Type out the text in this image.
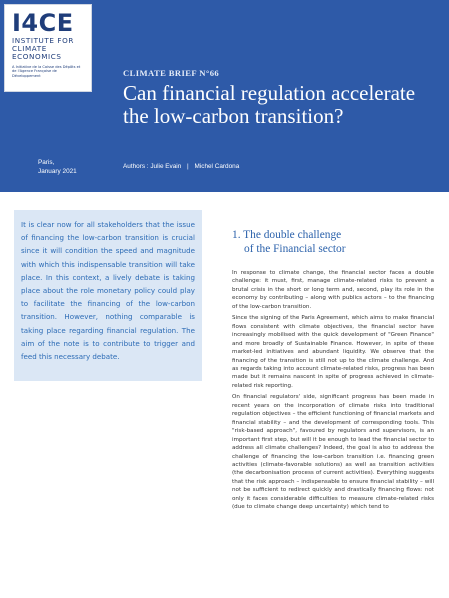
I4CE
INSTITUTE FOR
CLIMATE
ECONOMICS
A Initiative de la Caisse des Dépôts et de l'Agence Française de Développement	CLIMATE BRIEF N°66
Can financial regulation accelerate the low-carbon transition?
Paris,
January 2021
Authors : Julie Evain | Michel Cardona
It is clear now for all stakeholders that the issue of financing the low-carbon transition is crucial since it will condition the speed and magnitude with which this indispensable transition will take place. In this context, a lively debate is taking place about the role monetary policy could play to facilitate the financing of the low-carbon transition. However, nothing comparable is taking place regarding financial regulation. The aim of the note is to contribute to trigger and feed this necessary debate.
1. The double challenge
of the Financial sector

In response to climate change, the financial sector faces a double challenge: it must, first, manage climate-related risks to prevent a brutal crisis in the short or long term and, second, play its role in the economy by contributing – along with publics actors – to the financing of the low-carbon transition.

Since the signing of the Paris Agreement, which aims to make financial flows consistent with climate objectives, the financial sector have increasingly mobilised with the quick development of "Green Finance" and more broadly of Sustainable Finance. However, in spite of these market-led initiatives and abundant liquidity. We observe that the financing of the transition is still not up to the climate challenge. And as regards taking into account climate-related risks, progress has been made but it remains nascent in spite of progress achieved in climate-related risk reporting.

On financial regulators' side, significant progress has been made in recent years on the incorporation of climate risks into traditional regulation objectives – the efficient functioning of financial markets and financial stability – and the development of corresponding tools. This "risk-based approach", favoured by regulators and supervisors, is an important first step, but will it be enough to lead the financial sector to address all climate challenges? Indeed, the goal is also to address the challenge of financing the low-carbon transition i.e. financing green activities (climate-favorable solutions) as well as transition activities (the decarbonisation process of current activities). Everything suggests that the risk approach – indispensable to ensure financial stability – will not be sufficient to redirect quickly and drastically financing flows: not only it faces considerable difficulties to measure climate-related risks (due to climate change deep uncertainty) which tend to
